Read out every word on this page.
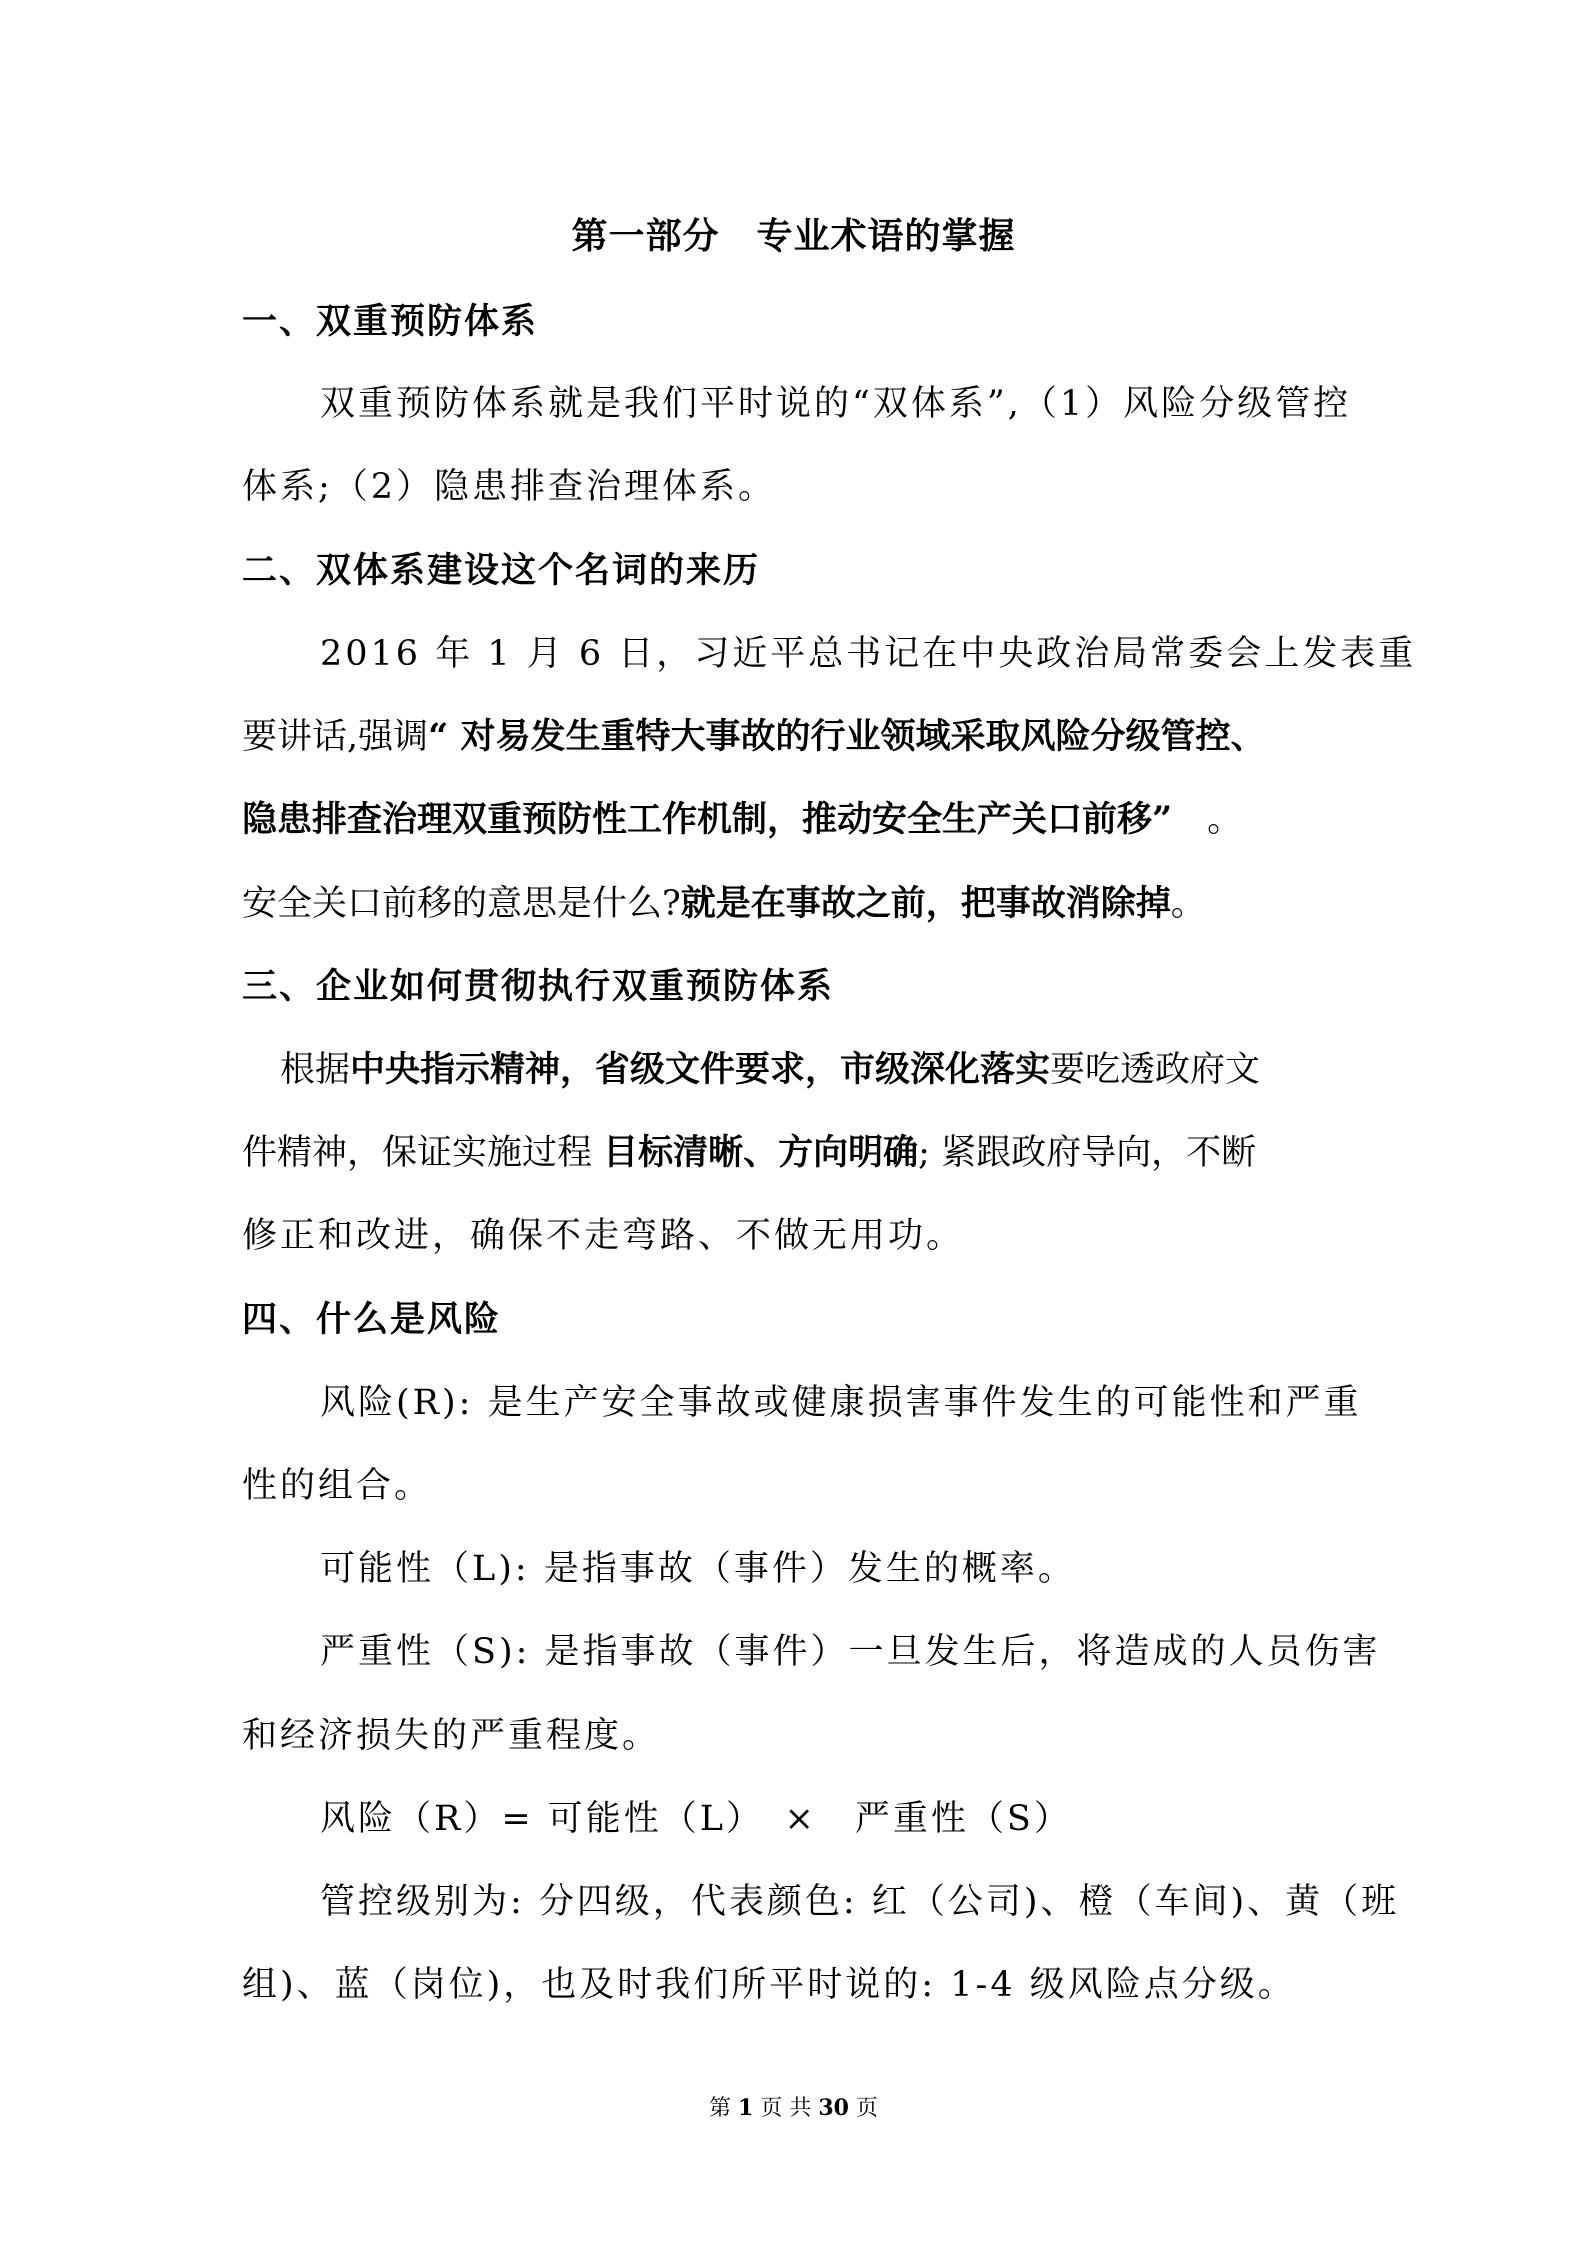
第一部分　专业术语的掌握
一、双重预防体系
双重预防体系就是我们平时说的“双体系”,（1）风险分级管控
体系;（2）隐患排查治理体系。
二、双体系建设这个名词的来历
2016 年 1 月 6 日，习近平总书记在中央政治局常委会上发表重
要讲话,强调“ 对易发生重特大事故的行业领域采取风险分级管控、
隐患排查治理双重预防性工作机制，推动安全生产关口前移”　。
安全关口前移的意思是什么?就是在事故之前，把事故消除掉。
三、企业如何贯彻执行双重预防体系
根据中央指示精神，省级文件要求，市级深化落实要吃透政府文
件精神，保证实施过程 目标清晰、方向明确; 紧跟政府导向，不断
修正和改进，确保不走弯路、不做无用功。
四、什么是风险
风险(R): 是生产安全事故或健康损害事件发生的可能性和严重
性的组合。
可能性（L): 是指事故（事件）发生的概率。
严重性（S): 是指事故（事件）一旦发生后，将造成的人员伤害
和经济损失的严重程度。
风险（R）= 可能性（L）　×　严重性（S）
管控级别为: 分四级，代表颜色: 红（公司)、橙（车间)、黄（班
组)、蓝（岗位)，也及时我们所平时说的: 1-4 级风险点分级。
第 1 页 共 30 页
